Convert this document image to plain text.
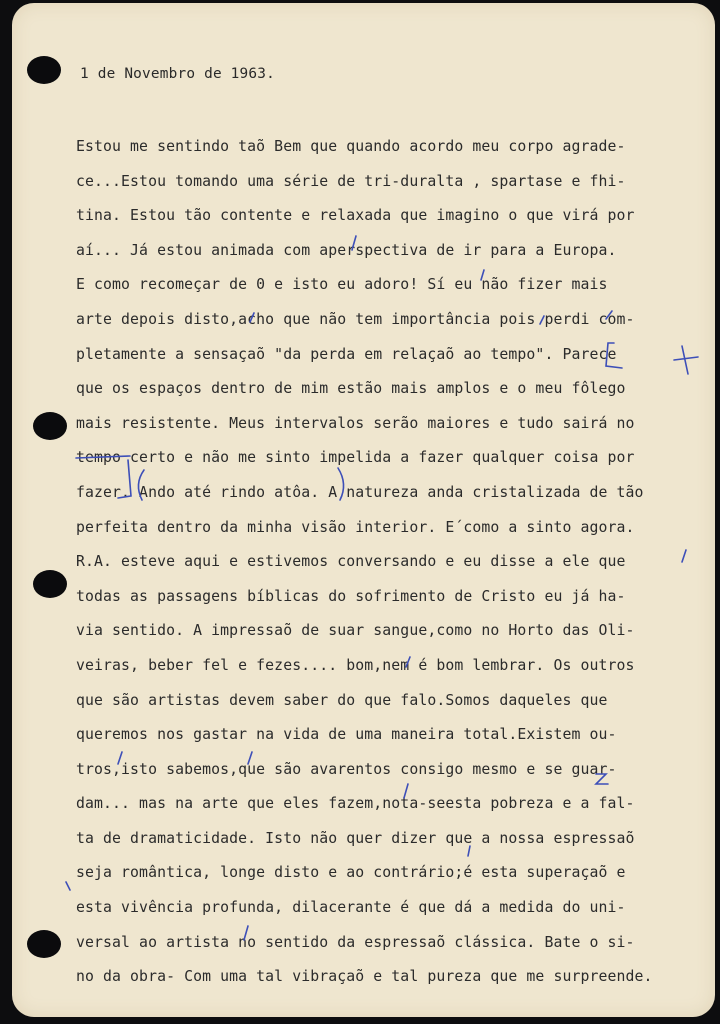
1 de Novembro de 1963.
Estou me sentindo taõ Bem que quando acordo meu corpo agrade-
ce...Estou tomando uma série de tri-duralta , spartase e fhi-
tina. Estou tão contente e relaxada que imagino o que virá por
aí... Já estou animada com aperspectiva de ir para a Europa.
E como recomeçar de 0 e isto eu adoro! Sí eu não fizer mais
arte depois disto,acho que não tem importância pois perdi com-
pletamente a sensaçaõ "da perda em relaçaõ ao tempo". Parece
que os espaços dentro de mim estão mais amplos e o meu fôlego
mais resistente. Meus intervalos serão maiores e tudo sairá no
tempo certo e não me sinto impelida a fazer qualquer coisa por
fazer. Ando até rindo atôa. A natureza anda cristalizada de tão
perfeita dentro da minha visão interior. E´como a sinto agora.
R.A. esteve aqui e estivemos conversando e eu disse a ele que
todas as passagens bíblicas do sofrimento de Cristo eu já ha-
via sentido. A impressaõ de suar sangue,como no Horto das Oli-
veiras, beber fel e fezes.... bom,nem é bom lembrar. Os outros
que são artistas devem saber do que falo.Somos daqueles que
queremos nos gastar na vida de uma maneira total.Existem ou-
tros,isto sabemos,que são avarentos consigo mesmo e se guar-
dam... mas na arte que eles fazem,nota-seesta pobreza e a fal-
ta de dramaticidade. Isto não quer dizer que a nossa espressaõ
seja romântica, longe disto e ao contrário;é esta superaçaõ e
esta vivência profunda, dilacerante é que dá a medida do uni-
versal ao artista no sentido da espressaõ clássica. Bate o si-
no da obra- Com uma tal vibraçaõ e tal pureza que me surpreende.
